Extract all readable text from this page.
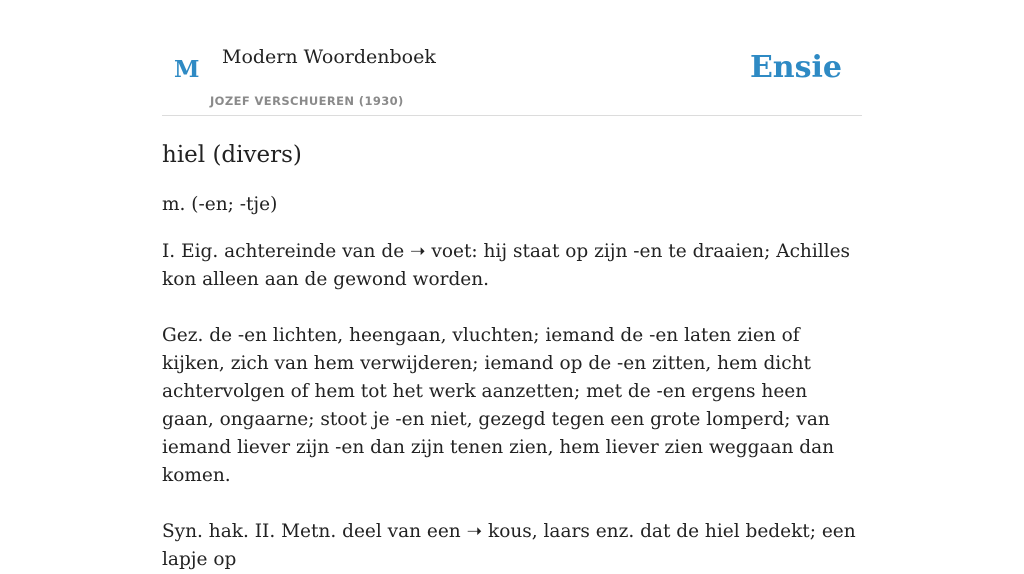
M Modern Woordenboek
JOZEF VERSCHUEREN (1930)
Ensie
hiel (divers)

m. (-en; -tje)

I. Eig. achtereinde van de ➝ voet: hij staat op zijn -en te draaien; Achilles kon alleen aan de gewond worden.

Gez. de -en lichten, heengaan, vluchten; iemand de -en laten zien of kijken, zich van hem verwijderen; iemand op de -en zitten, hem dicht achtervolgen of hem tot het werk aanzetten; met de -en ergens heen gaan, ongaarne; stoot je -en niet, gezegd tegen een grote lomperd; van iemand liever zijn -en dan zijn tenen zien, hem liever zien weggaan dan komen.

Syn. hak. II. Metn. deel van een ➝ kous, laars enz. dat de hiel bedekt; een lapje op
